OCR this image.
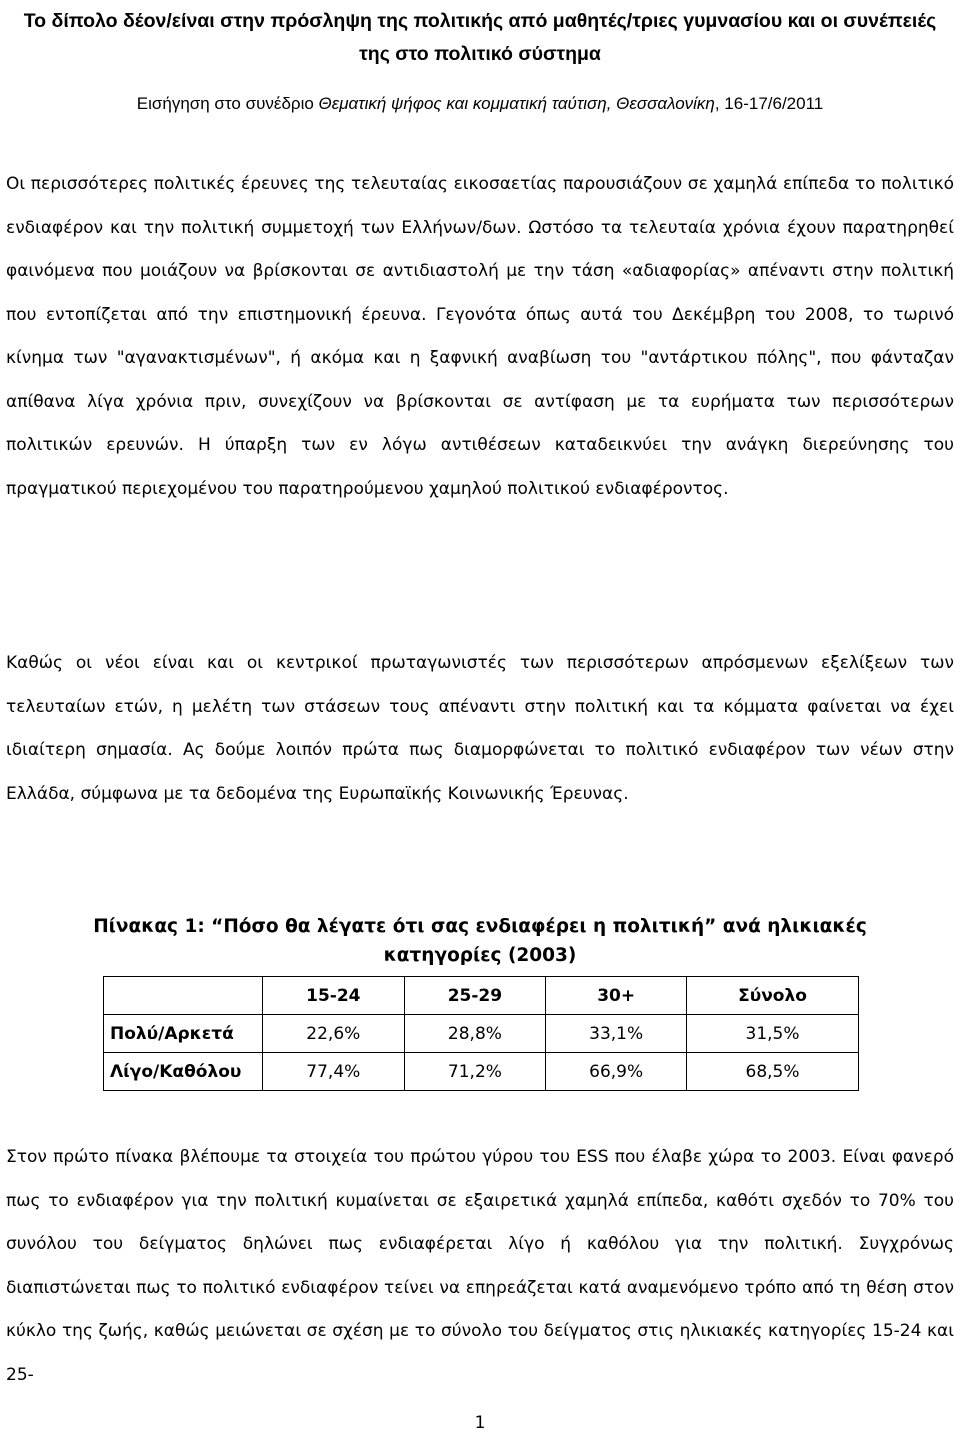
Το δίπολο δέον/είναι στην πρόσληψη της πολιτικής από μαθητές/τριες γυμνασίου και οι συνέπειές της στο πολιτικό σύστημα
Εισήγηση στο συνέδριο Θεματική ψήφος και κομματική ταύτιση, Θεσσαλονίκη, 16-17/6/2011

Οι περισσότερες πολιτικές έρευνες της τελευταίας εικοσαετίας παρουσιάζουν σε χαμηλά επίπεδα το πολιτικό ενδιαφέρον και την πολιτική συμμετοχή των Ελλήνων/δων. Ωστόσο τα τελευταία χρόνια έχουν παρατηρηθεί φαινόμενα που μοιάζουν να βρίσκονται σε αντιδιαστολή με την τάση «αδιαφορίας» απέναντι στην πολιτική που εντοπίζεται από την επιστημονική έρευνα. Γεγονότα όπως αυτά του Δεκέμβρη του 2008, το τωρινό κίνημα των "αγανακτισμένων", ή ακόμα και η ξαφνική αναβίωση του "αντάρτικου πόλης", που φάνταζαν απίθανα λίγα χρόνια πριν, συνεχίζουν να βρίσκονται σε αντίφαση με τα ευρήματα των περισσότερων πολιτικών ερευνών. Η ύπαρξη των εν λόγω αντιθέσεων καταδεικνύει την ανάγκη διερεύνησης του πραγματικού περιεχομένου του παρατηρούμενου χαμηλού πολιτικού ενδιαφέροντος.

Καθώς οι νέοι είναι και οι κεντρικοί πρωταγωνιστές των περισσότερων απρόσμενων εξελίξεων των τελευταίων ετών, η μελέτη των στάσεων τους απέναντι στην πολιτική και τα κόμματα φαίνεται να έχει ιδιαίτερη σημασία. Ας δούμε λοιπόν πρώτα πως διαμορφώνεται το πολιτικό ενδιαφέρον των νέων στην Ελλάδα, σύμφωνα με τα δεδομένα της Ευρωπαϊκής Κοινωνικής Έρευνας.

Πίνακας 1: “Πόσο θα λέγατε ότι σας ενδιαφέρει η πολιτική” ανά ηλικιακές κατηγορίες (2003)
	15-24	25-29	30+	Σύνολο
Πολύ/Αρκετά	22,6%	28,8%	33,1%	31,5%
Λίγο/Καθόλου	77,4%	71,2%	66,9%	68,5%

Στον πρώτο πίνακα βλέπουμε τα στοιχεία του πρώτου γύρου του ESS που έλαβε χώρα το 2003. Είναι φανερό πως το ενδιαφέρον για την πολιτική κυμαίνεται σε εξαιρετικά χαμηλά επίπεδα, καθότι σχεδόν το 70% του συνόλου του δείγματος δηλώνει πως ενδιαφέρεται λίγο ή καθόλου για την πολιτική. Συγχρόνως διαπιστώνεται πως το πολιτικό ενδιαφέρον τείνει να επηρεάζεται κατά αναμενόμενο τρόπο από τη θέση στον κύκλο της ζωής, καθώς μειώνεται σε σχέση με το σύνολο του δείγματος στις ηλικιακές κατηγορίες 15-24 και 25-

1
